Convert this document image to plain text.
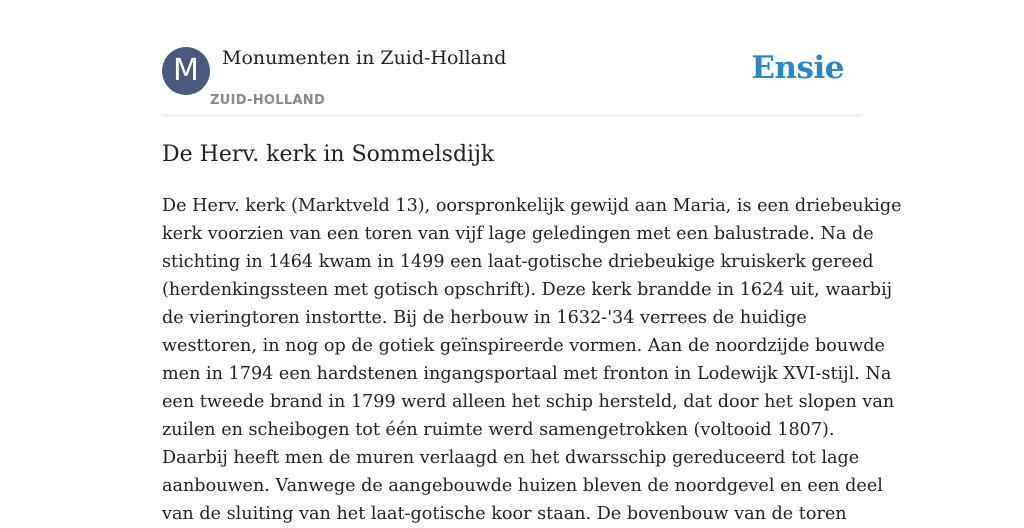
M	Monumenten in Zuid-Holland
ZUID-HOLLAND
Ensie
De Herv. kerk in Sommelsdijk
De Herv. kerk (Marktveld 13), oorspronkelijk gewijd aan Maria, is een driebeukige
kerk voorzien van een toren van vijf lage geledingen met een balustrade. Na de
stichting in 1464 kwam in 1499 een laat-gotische driebeukige kruiskerk gereed
(herdenkingssteen met gotisch opschrift). Deze kerk brandde in 1624 uit, waarbij
de vieringtoren instortte. Bij de herbouw in 1632-'34 verrees de huidige
westtoren, in nog op de gotiek geïnspireerde vormen. Aan de noordzijde bouwde
men in 1794 een hardstenen ingangsportaal met fronton in Lodewijk XVI-stijl. Na
een tweede brand in 1799 werd alleen het schip hersteld, dat door het slopen van
zuilen en scheibogen tot één ruimte werd samengetrokken (voltooid 1807).
Daarbij heeft men de muren verlaagd en het dwarsschip gereduceerd tot lage
aanbouwen. Vanwege de aangebouwde huizen bleven de noordgevel en een deel
van de sluiting van het laat-gotische koor staan. De bovenbouw van de toren
